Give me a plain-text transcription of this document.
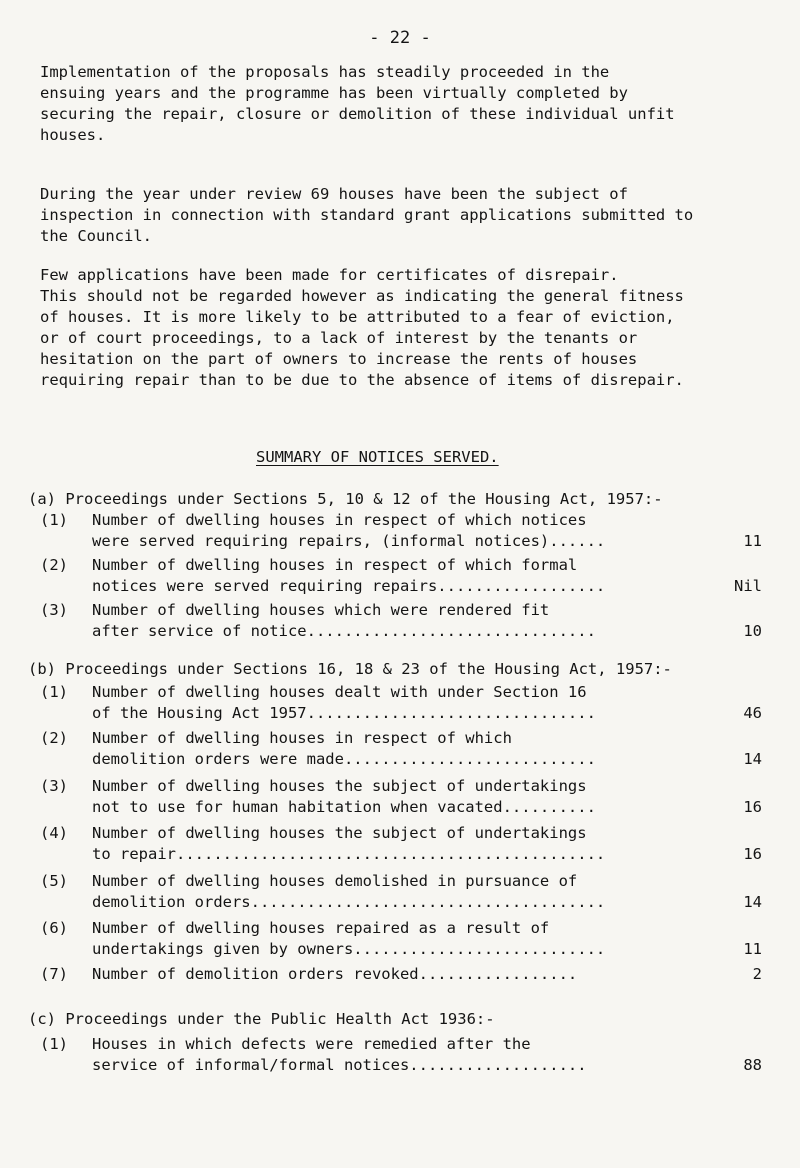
- 22 -
Implementation of the proposals has steadily proceeded in the
ensuing years and the programme has been virtually completed by
securing the repair, closure or demolition of these individual unfit
houses.
During the year under review 69 houses have been the subject of
inspection in connection with standard grant applications submitted to
the Council.
Few applications have been made for certificates of disrepair.
This should not be regarded however as indicating the general fitness
of houses. It is more likely to be attributed to a fear of eviction,
or of court proceedings, to a lack of interest by the tenants or
hesitation on the part of owners to increase the rents of houses
requiring repair than to be due to the absence of items of disrepair.
SUMMARY OF NOTICES SERVED.
(a) Proceedings under Sections 5, 10 & 12 of the Housing Act, 1957:-
(1)	Number of dwelling houses in respect of which notices
were served requiring repairs, (informal notices)......	11
(2)	Number of dwelling houses in respect of which formal
notices were served requiring repairs..................	Nil
(3)	Number of dwelling houses which were rendered fit
after service of notice...............................	10
(b) Proceedings under Sections 16, 18 & 23 of the Housing Act, 1957:-
(1)	Number of dwelling houses dealt with under Section 16
of the Housing Act 1957...............................	46
(2)	Number of dwelling houses in respect of which
demolition orders were made...........................	14
(3)	Number of dwelling houses the subject of undertakings
not to use for human habitation when vacated..........	16
(4)	Number of dwelling houses the subject of undertakings
to repair..............................................	16
(5)	Number of dwelling houses demolished in pursuance of
demolition orders......................................	14
(6)	Number of dwelling houses repaired as a result of
undertakings given by owners...........................	11
(7)	Number of demolition orders revoked.................	2
(c) Proceedings under the Public Health Act 1936:-
(1)	Houses in which defects were remedied after the
service of informal/formal notices...................	88
